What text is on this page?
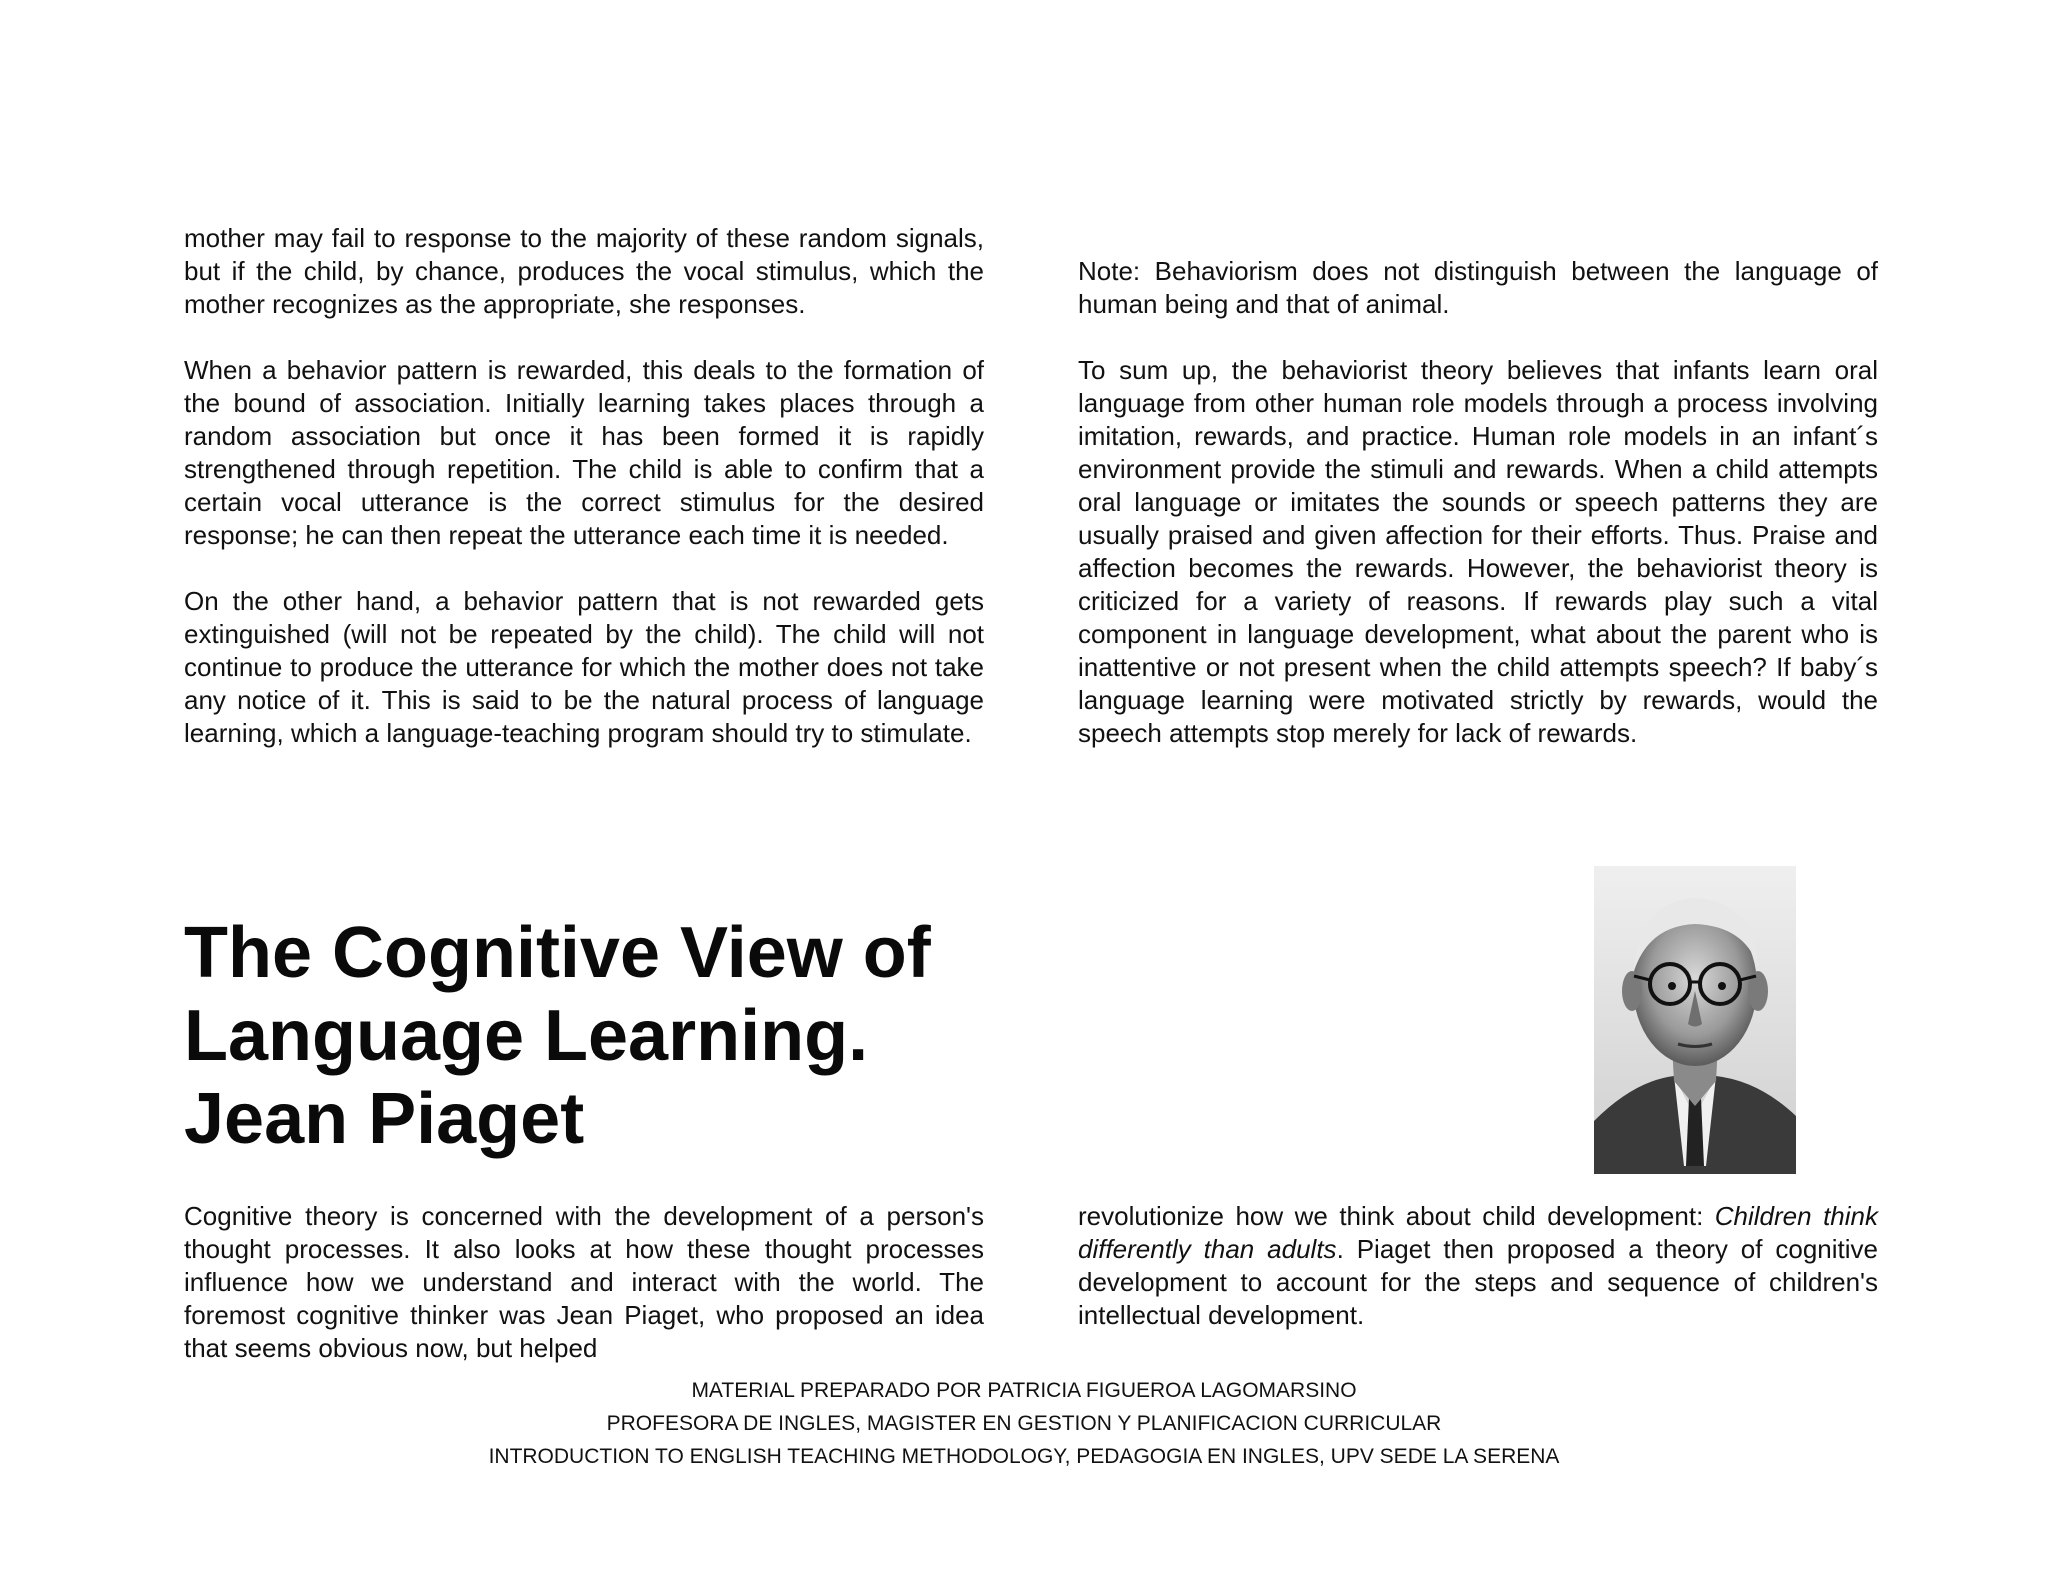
mother may fail to response to the majority of these random signals, but if the child, by chance, produces the vocal stimulus, which the mother recognizes as the appropriate, she responses.

When a behavior pattern is rewarded, this deals to the formation of the bound of association. Initially learning takes places through a random association but once it has been formed it is rapidly strengthened through repetition. The child is able to confirm that a certain vocal utterance is the correct stimulus for the desired response; he can then repeat the utterance each time it is needed.

On the other hand, a behavior pattern that is not rewarded gets extinguished (will not be repeated by the child). The child will not continue to produce the utterance for which the mother does not take any notice of it. This is said to be the natural process of language learning, which a language-teaching program should try to stimulate.

Note: Behaviorism does not distinguish between the language of human being and that of animal.

To sum up, the behaviorist theory believes that infants learn oral language from other human role models through a process involving imitation, rewards, and practice. Human role models in an infant´s environment provide the stimuli and rewards. When a child attempts oral language or imitates the sounds or speech patterns they are usually praised and given affection for their efforts. Thus. Praise and affection becomes the rewards. However, the behaviorist theory is criticized for a variety of reasons. If rewards play such a vital component in language development, what about the parent who is inattentive or not present when the child attempts speech? If baby´s language learning were motivated strictly by rewards, would the speech attempts stop merely for lack of rewards.

The Cognitive View of
Language Learning.
Jean Piaget

Cognitive theory is concerned with the development of a person's thought processes. It also looks at how these thought processes influence how we understand and interact with the world. The foremost cognitive thinker was Jean Piaget, who proposed an idea that seems obvious now, but helped

revolutionize how we think about child development: Children think differently than adults. Piaget then proposed a theory of cognitive development to account for the steps and sequence of children's intellectual development.

MATERIAL PREPARADO POR PATRICIA FIGUEROA LAGOMARSINO
PROFESORA DE INGLES, MAGISTER EN GESTION Y PLANIFICACION CURRICULAR
INTRODUCTION TO ENGLISH TEACHING METHODOLOGY, PEDAGOGIA EN INGLES, UPV SEDE LA SERENA
